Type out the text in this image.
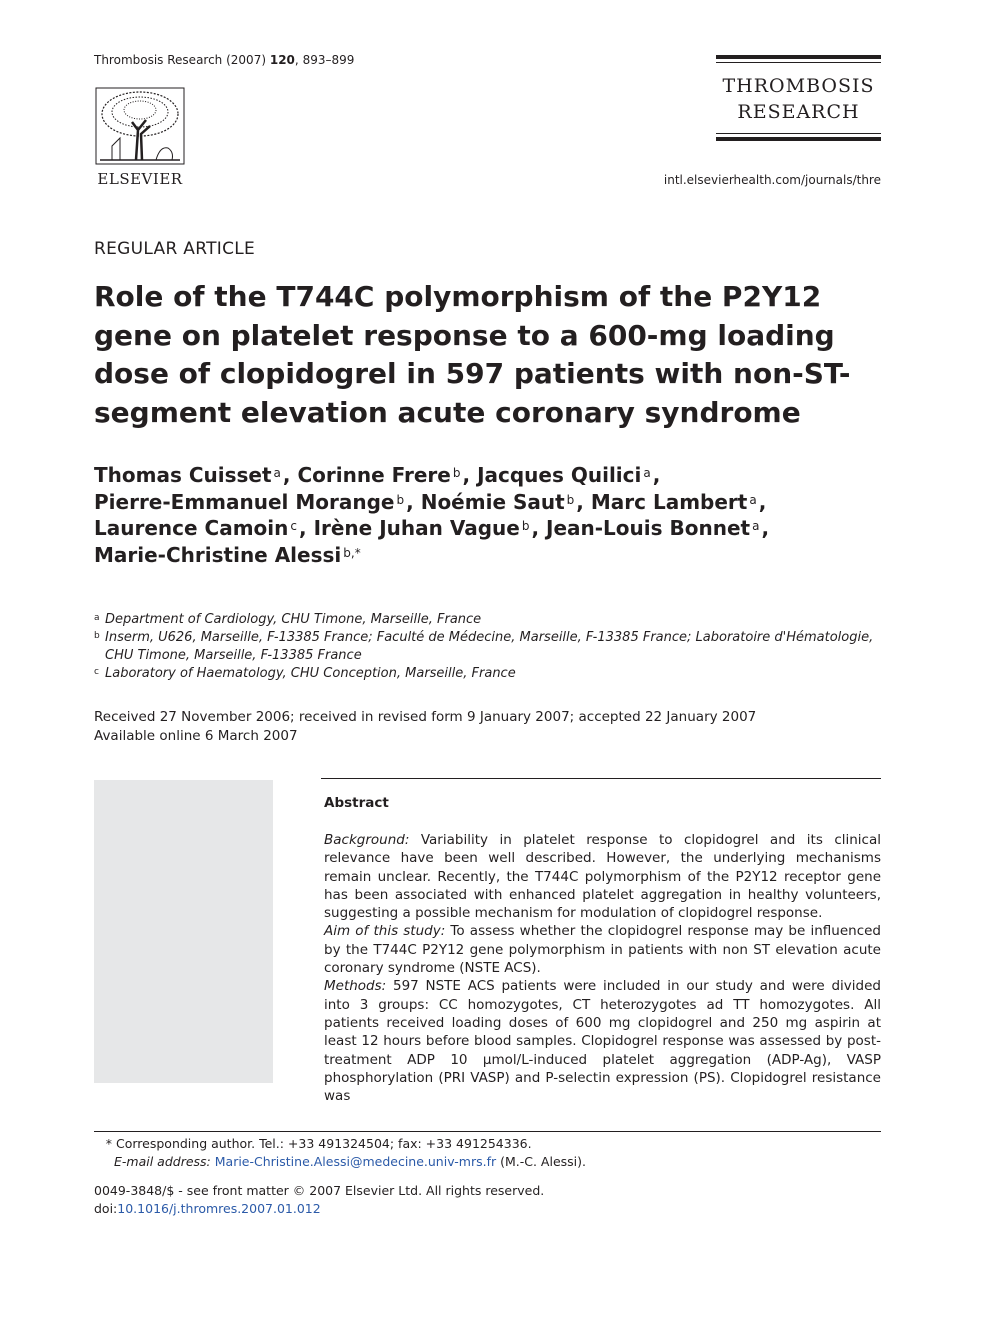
Thrombosis Research (2007) 120, 893–899
ELSEVIER
THROMBOSIS
RESEARCH
intl.elsevierhealth.com/journals/thre
REGULAR ARTICLE
Role of the T744C polymorphism of the P2Y12 gene on platelet response to a 600-mg loading dose of clopidogrel in 597 patients with non-ST-segment elevation acute coronary syndrome
Thomas Cuisset $^a$ , Corinne Frere $^b$ , Jacques Quilici $^a$ ,
Pierre-Emmanuel Morange $^b$ , Noémie Saut $^b$ , Marc Lambert $^a$ ,
Laurence Camoin $^c$ , Irène Juhan Vague $^b$ , Jean-Louis Bonnet $^a$ ,
Marie-Christine Alessi $^{b,*}$
a Department of Cardiology, CHU Timone, Marseille, France
b Inserm, U626, Marseille, F-13385 France; Faculté de Médecine, Marseille, F-13385 France; Laboratoire d'Hématologie, CHU Timone, Marseille, F-13385 France
c Laboratory of Haematology, CHU Conception, Marseille, France
Received 27 November 2006; received in revised form 9 January 2007; accepted 22 January 2007
Available online 6 March 2007
Abstract

Background: Variability in platelet response to clopidogrel and its clinical relevance have been well described. However, the underlying mechanisms remain unclear. Recently, the T744C polymorphism of the P2Y12 receptor gene has been associated with enhanced platelet aggregation in healthy volunteers, suggesting a possible mechanism for modulation of clopidogrel response.

Aim of this study: To assess whether the clopidogrel response may be influenced by the T744C P2Y12 gene polymorphism in patients with non ST elevation acute coronary syndrome (NSTE ACS).

Methods: 597 NSTE ACS patients were included in our study and were divided into 3 groups: CC homozygotes, CT heterozygotes ad TT homozygotes. All patients received loading doses of 600 mg clopidogrel and 250 mg aspirin at least 12 hours before blood samples. Clopidogrel response was assessed by post-treatment ADP 10 μmol/L-induced platelet aggregation (ADP-Ag), VASP phosphorylation (PRI VASP) and P-selectin expression (PS). Clopidogrel resistance was

* Corresponding author. Tel.: +33 491324504; fax: +33 491254336.
E-mail address: Marie-Christine.Alessi@medecine.univ-mrs.fr (M.-C. Alessi).
0049-3848/$ - see front matter © 2007 Elsevier Ltd. All rights reserved.
doi:10.1016/j.thromres.2007.01.012
